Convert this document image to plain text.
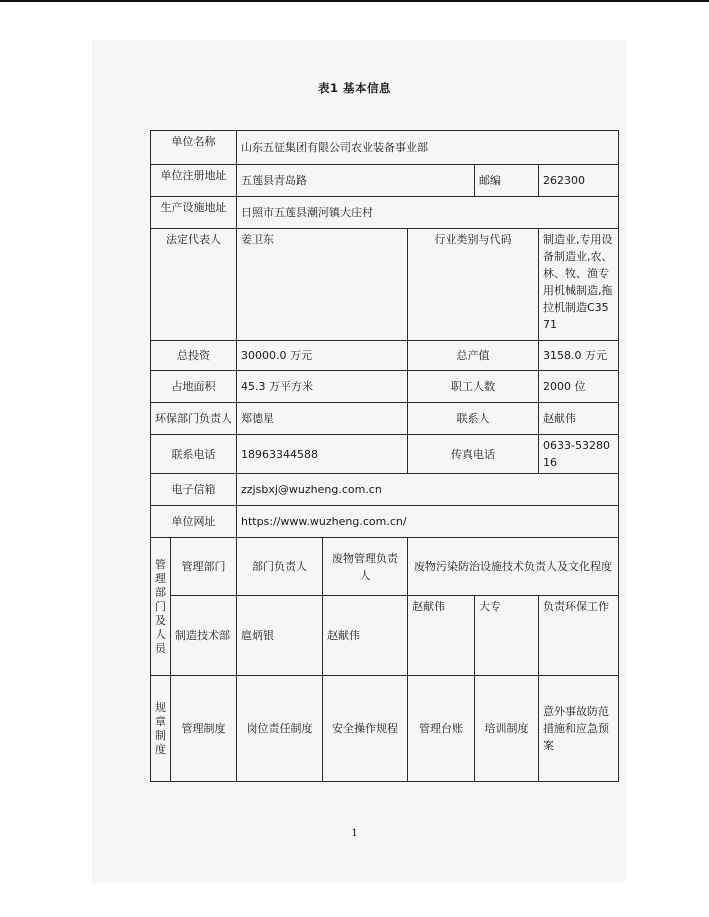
表1 基本信息
单位名称		山东五征集团有限公司农业装备事业部				
单位注册地址		五莲县青岛路			邮编	262300
生产设施地址		日照市五莲县潮河镇大庄村				
法定代表人		姜卫东		行业类别与代码		制造业,专用设备制造业,农、林、牧、渔专用机械制造,拖拉机制造C3571
总投资		30000.0 万元		总产值		3158.0 万元
占地面积		45.3 万平方米		职工人数		2000 位
环保部门负责人		郑德星		联系人		赵献伟
联系电话		18963344588		传真电话		0633-5328016
电子信箱		zzjsbxj@wuzheng.com.cn				
单位网址		https://www.wuzheng.com.cn/				
管理部门及人员	管理部门	部门负责人	废物管理负责人	废物污染防治设施技术负责人及文化程度		
	制造技术部	扈炳银	赵献伟	赵献伟	大专	负责环保工作
规章制度	管理制度	岗位责任制度	安全操作规程	管理台账	培训制度	意外事故防范措施和应急预案
1
